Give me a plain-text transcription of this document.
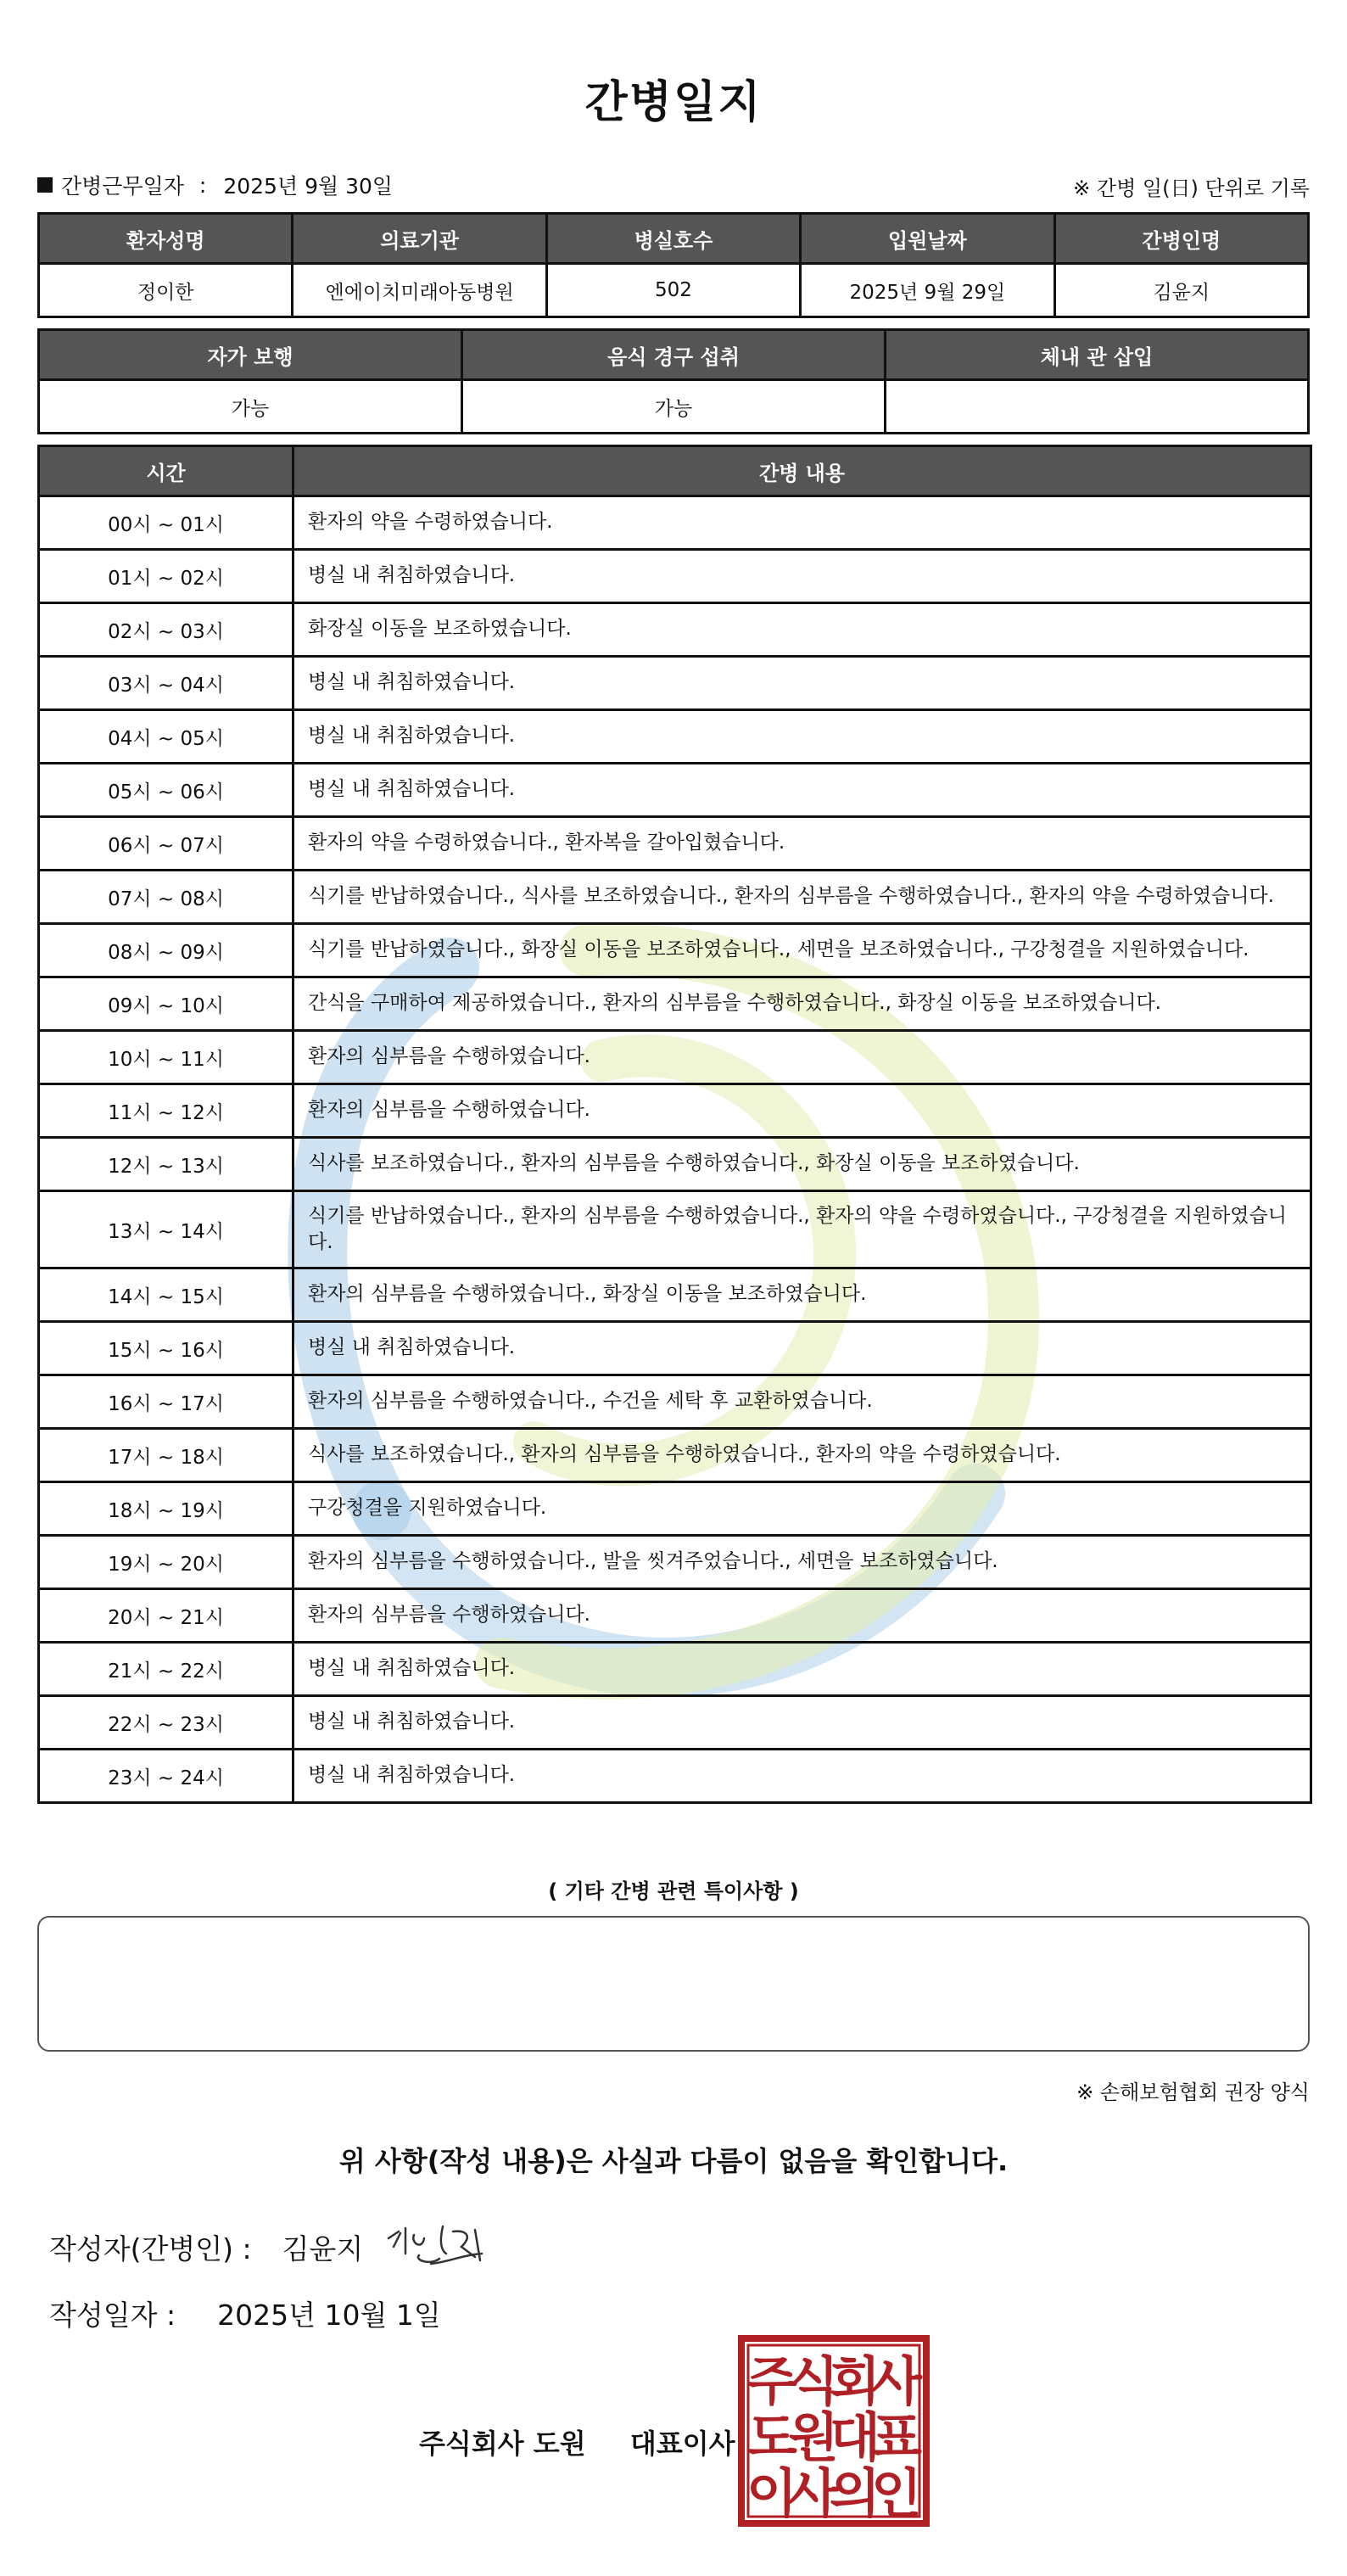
간병일지
간병근무일자 : 2025년 9월 30일	※ 간병 일(日) 단위로 기록
환자성명	의료기관	병실호수	입원날짜	간병인명
정이한	엔에이치미래아동병원	502	2025년 9월 29일	김윤지
자가 보행	음식 경구 섭취	체내 관 삽입
가능	가능	
시간	간병 내용
00시 ~ 01시	환자의 약을 수령하였습니다.
01시 ~ 02시	병실 내 취침하였습니다.
02시 ~ 03시	화장실 이동을 보조하였습니다.
03시 ~ 04시	병실 내 취침하였습니다.
04시 ~ 05시	병실 내 취침하였습니다.
05시 ~ 06시	병실 내 취침하였습니다.
06시 ~ 07시	환자의 약을 수령하였습니다., 환자복을 갈아입혔습니다.
07시 ~ 08시	식기를 반납하였습니다., 식사를 보조하였습니다., 환자의 심부름을 수행하였습니다., 환자의 약을 수령하였습니다.
08시 ~ 09시	식기를 반납하였습니다., 화장실 이동을 보조하였습니다., 세면을 보조하였습니다., 구강청결을 지원하였습니다.
09시 ~ 10시	간식을 구매하여 제공하였습니다., 환자의 심부름을 수행하였습니다., 화장실 이동을 보조하였습니다.
10시 ~ 11시	환자의 심부름을 수행하였습니다.
11시 ~ 12시	환자의 심부름을 수행하였습니다.
12시 ~ 13시	식사를 보조하였습니다., 환자의 심부름을 수행하였습니다., 화장실 이동을 보조하였습니다.
13시 ~ 14시	식기를 반납하였습니다., 환자의 심부름을 수행하였습니다., 환자의 약을 수령하였습니다., 구강청결을 지원하였습니다.
14시 ~ 15시	환자의 심부름을 수행하였습니다., 화장실 이동을 보조하였습니다.
15시 ~ 16시	병실 내 취침하였습니다.
16시 ~ 17시	환자의 심부름을 수행하였습니다., 수건을 세탁 후 교환하였습니다.
17시 ~ 18시	식사를 보조하였습니다., 환자의 심부름을 수행하였습니다., 환자의 약을 수령하였습니다.
18시 ~ 19시	구강청결을 지원하였습니다.
19시 ~ 20시	환자의 심부름을 수행하였습니다., 발을 씻겨주었습니다., 세면을 보조하였습니다.
20시 ~ 21시	환자의 심부름을 수행하였습니다.
21시 ~ 22시	병실 내 취침하였습니다.
22시 ~ 23시	병실 내 취침하였습니다.
23시 ~ 24시	병실 내 취침하였습니다.
( 기타 간병 관련 특이사항 )
※ 손해보험협회 권장 양식
위 사항(작성 내용)은 사실과 다름이 없음을 확인합니다.
작성자(간병인) : 김윤지
작성일자 : 2025년 10월 1일
주식회사 도원 대표이사
주
식
회
사
도
원
대
표
이
사
의
인
